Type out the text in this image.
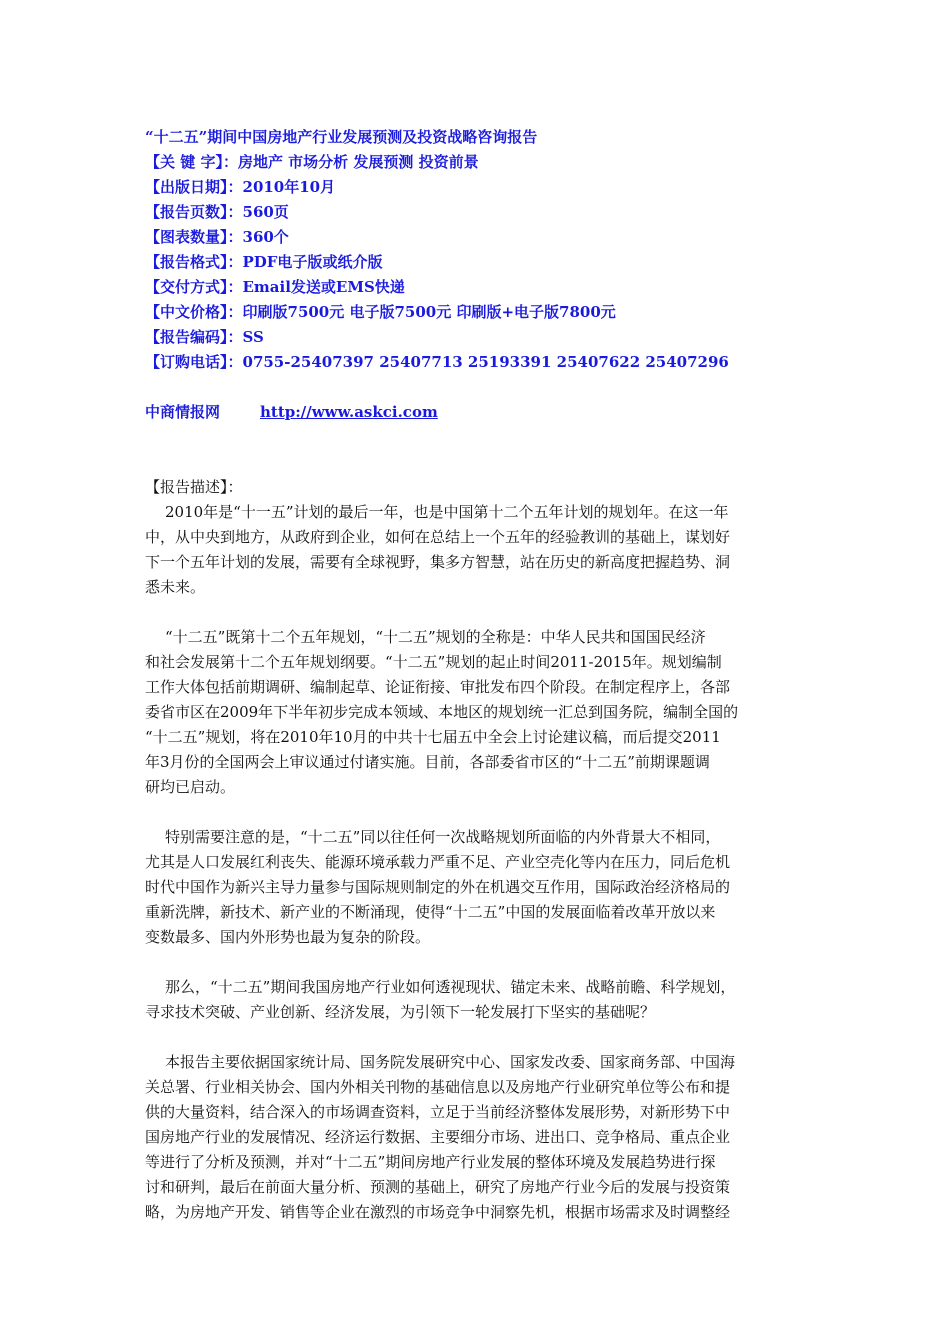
“十二五”期间中国房地产行业发展预测及投资战略咨询报告
【关 键 字】：房地产 市场分析 发展预测 投资前景
【出版日期】：2010年10月
【报告页数】：560页
【图表数量】：360个
【报告格式】：PDF电子版或纸介版
【交付方式】：Email发送或EMS快递
【中文价格】：印刷版7500元 电子版7500元 印刷版+电子版7800元
【报告编码】：SS
【订购电话】：0755-25407397 25407713 25193391 25407622 25407296
中商情报网	http://www.askci.com
【报告描述】：
2010年是“十一五”计划的最后一年，也是中国第十二个五年计划的规划年。在这一年
中，从中央到地方，从政府到企业，如何在总结上一个五年的经验教训的基础上，谋划好
下一个五年计划的发展，需要有全球视野，集多方智慧，站在历史的新高度把握趋势、洞
悉未来。
“十二五”既第十二个五年规划，“十二五”规划的全称是：中华人民共和国国民经济
和社会发展第十二个五年规划纲要。“十二五”规划的起止时间2011-2015年。规划编制
工作大体包括前期调研、编制起草、论证衔接、审批发布四个阶段。在制定程序上，各部
委省市区在2009年下半年初步完成本领域、本地区的规划统一汇总到国务院，编制全国的
“十二五”规划，将在2010年10月的中共十七届五中全会上讨论建议稿，而后提交2011
年3月份的全国两会上审议通过付诸实施。目前，各部委省市区的“十二五”前期课题调
研均已启动。
特别需要注意的是，“十二五”同以往任何一次战略规划所面临的内外背景大不相同，
尤其是人口发展红利丧失、能源环境承载力严重不足、产业空壳化等内在压力，同后危机
时代中国作为新兴主导力量参与国际规则制定的外在机遇交互作用，国际政治经济格局的
重新洗牌，新技术、新产业的不断涌现，使得“十二五”中国的发展面临着改革开放以来
变数最多、国内外形势也最为复杂的阶段。
那么，“十二五”期间我国房地产行业如何透视现状、锚定未来、战略前瞻、科学规划，
寻求技术突破、产业创新、经济发展，为引领下一轮发展打下坚实的基础呢？
本报告主要依据国家统计局、国务院发展研究中心、国家发改委、国家商务部、中国海
关总署、行业相关协会、国内外相关刊物的基础信息以及房地产行业研究单位等公布和提
供的大量资料，结合深入的市场调查资料，立足于当前经济整体发展形势，对新形势下中
国房地产行业的发展情况、经济运行数据、主要细分市场、进出口、竞争格局、重点企业
等进行了分析及预测，并对“十二五”期间房地产行业发展的整体环境及发展趋势进行探
讨和研判，最后在前面大量分析、预测的基础上，研究了房地产行业今后的发展与投资策
略，为房地产开发、销售等企业在激烈的市场竞争中洞察先机，根据市场需求及时调整经
